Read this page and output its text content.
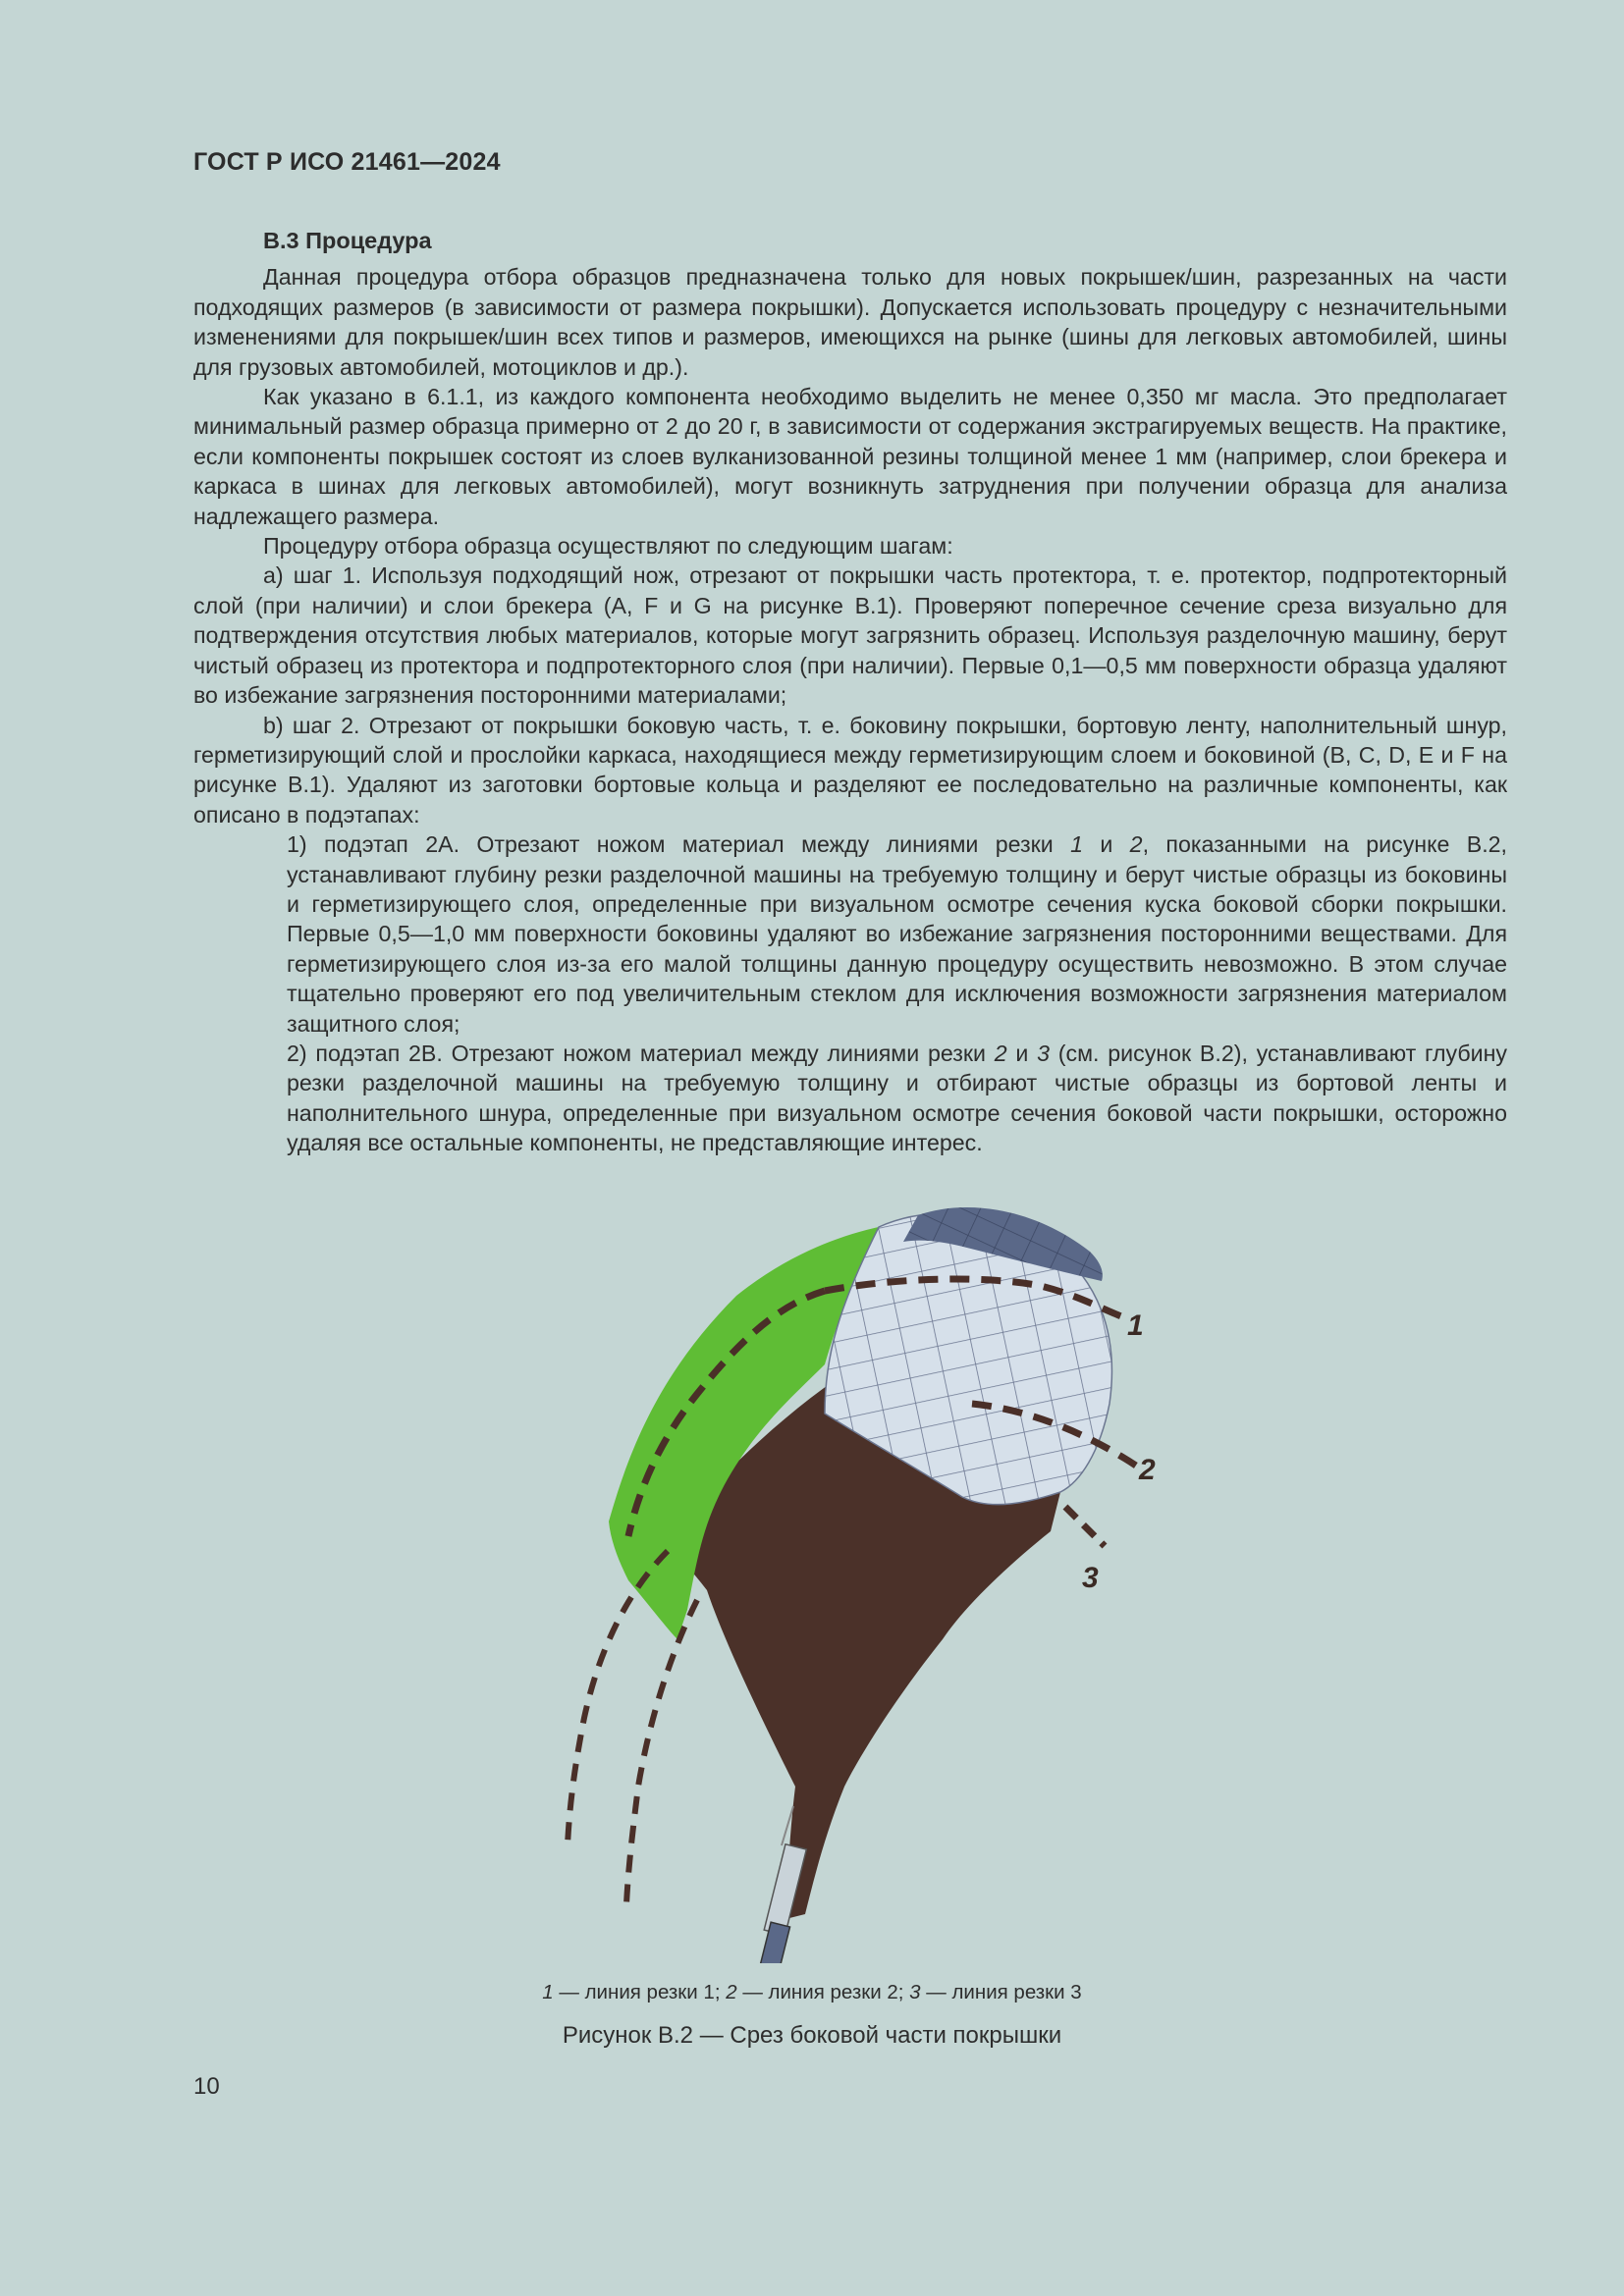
ГОСТ Р ИСО 21461—2024
B.3 Процедура

Данная процедура отбора образцов предназначена только для новых покрышек/шин, разрезанных на части подходящих размеров (в зависимости от размера покрышки). Допускается использовать процедуру с незначительными изменениями для покрышек/шин всех типов и размеров, имеющихся на рынке (шины для легковых автомобилей, шины для грузовых автомобилей, мотоциклов и др.).

Как указано в 6.1.1, из каждого компонента необходимо выделить не менее 0,350 мг масла. Это предполагает минимальный размер образца примерно от 2 до 20 г, в зависимости от содержания экстрагируемых веществ. На практике, если компоненты покрышек состоят из слоев вулканизованной резины толщиной менее 1 мм (например, слои брекера и каркаса в шинах для легковых автомобилей), могут возникнуть затруднения при получении образца для анализа надлежащего размера.

Процедуру отбора образца осуществляют по следующим шагам:

a) шаг 1. Используя подходящий нож, отрезают от покрышки часть протектора, т. е. протектор, подпротекторный слой (при наличии) и слои брекера (A, F и G на рисунке B.1). Проверяют поперечное сечение среза визуально для подтверждения отсутствия любых материалов, которые могут загрязнить образец. Используя разделочную машину, берут чистый образец из протектора и подпротекторного слоя (при наличии). Первые 0,1—0,5 мм поверхности образца удаляют во избежание загрязнения посторонними материалами;

b) шаг 2. Отрезают от покрышки боковую часть, т. е. боковину покрышки, бортовую ленту, наполнительный шнур, герметизирующий слой и прослойки каркаса, находящиеся между герметизирующим слоем и боковиной (B, C, D, E и F на рисунке B.1). Удаляют из заготовки бортовые кольца и разделяют ее последовательно на различные компоненты, как описано в подэтапах:

1) подэтап 2A. Отрезают ножом материал между линиями резки 1 и 2, показанными на рисунке B.2, устанавливают глубину резки разделочной машины на требуемую толщину и берут чистые образцы из боковины и герметизирующего слоя, определенные при визуальном осмотре сечения куска боковой сборки покрышки. Первые 0,5—1,0 мм поверхности боковины удаляют во избежание загрязнения посторонними веществами. Для герметизирующего слоя из-за его малой толщины данную процедуру осуществить невозможно. В этом случае тщательно проверяют его под увеличительным стеклом для исключения возможности загрязнения материалом защитного слоя;

2) подэтап 2B. Отрезают ножом материал между линиями резки 2 и 3 (см. рисунок B.2), устанавливают глубину резки разделочной машины на требуемую толщину и отбирают чистые образцы из бортовой ленты и наполнительного шнура, определенные при визуальном осмотре сечения боковой части покрышки, осторожно удаляя все остальные компоненты, не представляющие интерес.

1
2
3
1 — линия резки 1; 2 — линия резки 2; 3 — линия резки 3
Рисунок B.2 — Срез боковой части покрышки
10
